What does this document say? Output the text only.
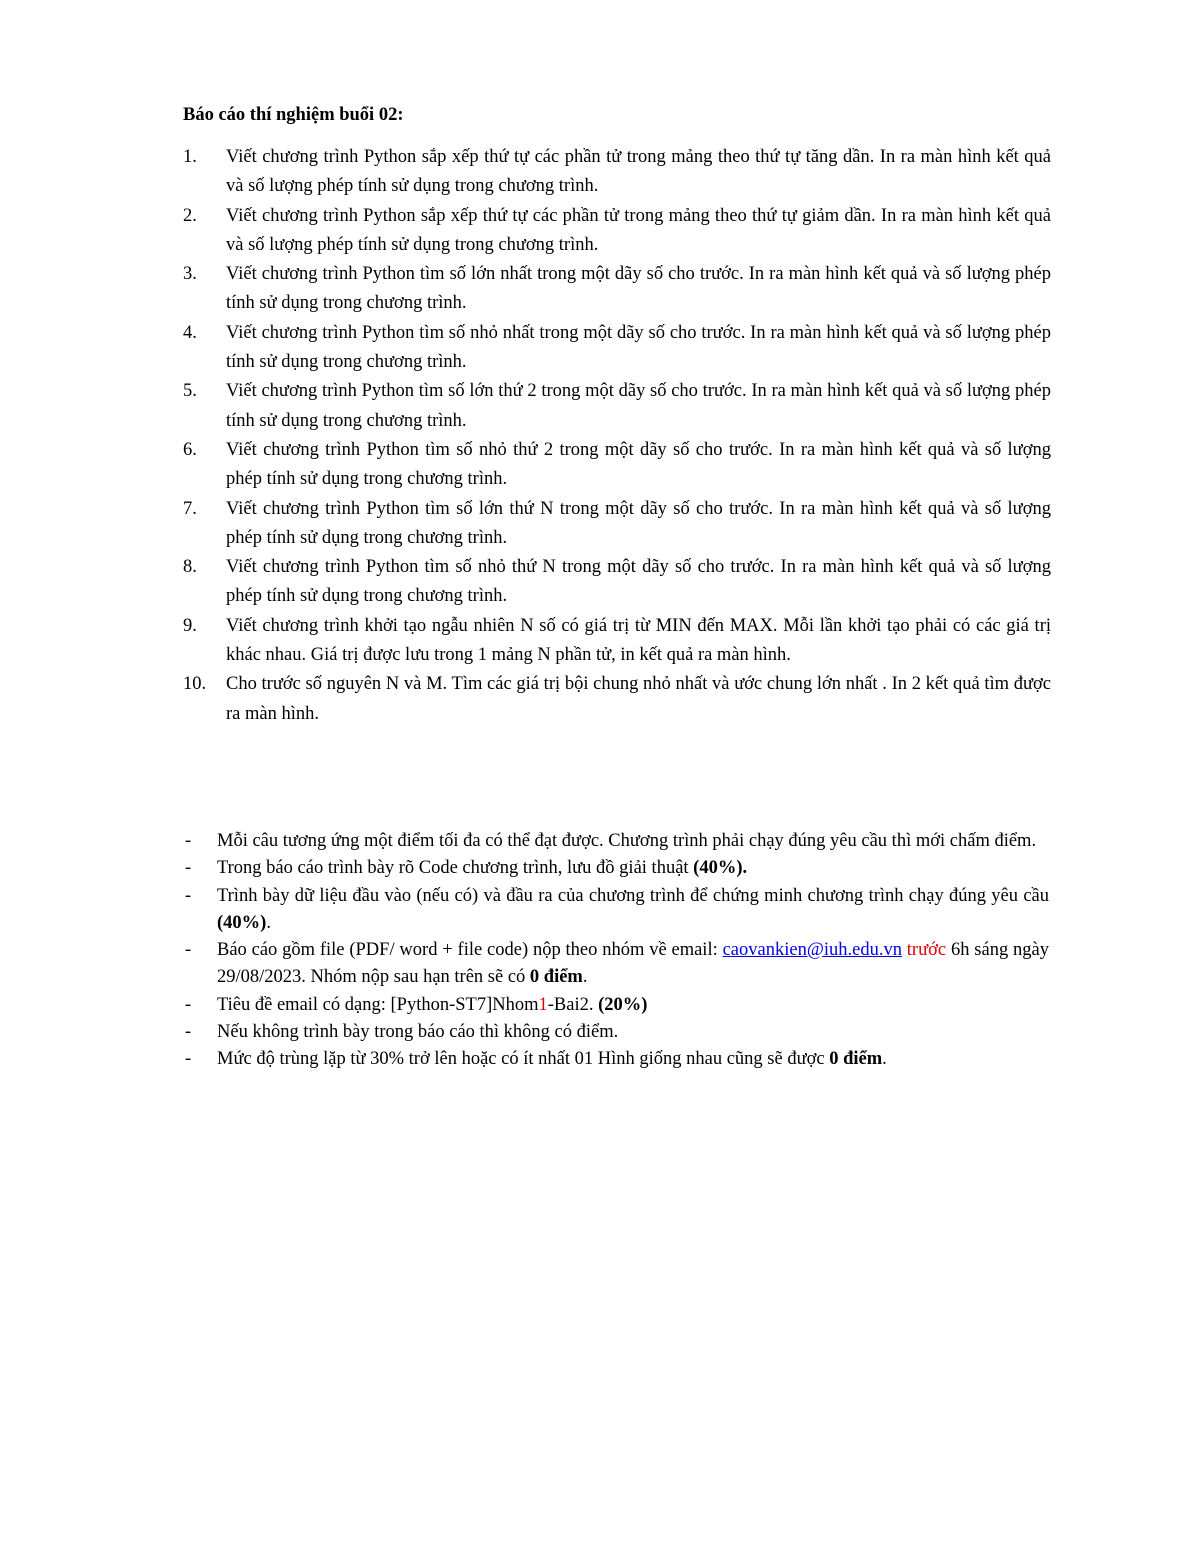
Báo cáo thí nghiệm buổi 02:
1. Viết chương trình Python sắp xếp thứ tự các phần tử trong mảng theo thứ tự tăng dần. In ra màn hình kết quả và số lượng phép tính sử dụng trong chương trình.
2. Viết chương trình Python sắp xếp thứ tự các phần tử trong mảng theo thứ tự giảm dần. In ra màn hình kết quả và số lượng phép tính sử dụng trong chương trình.
3. Viết chương trình Python tìm số lớn nhất trong một dãy số cho trước. In ra màn hình kết quả và số lượng phép tính sử dụng trong chương trình.
4. Viết chương trình Python tìm số nhỏ nhất trong một dãy số cho trước. In ra màn hình kết quả và số lượng phép tính sử dụng trong chương trình.
5. Viết chương trình Python tìm số lớn thứ 2 trong một dãy số cho trước. In ra màn hình kết quả và số lượng phép tính sử dụng trong chương trình.
6. Viết chương trình Python tìm số nhỏ thứ 2 trong một dãy số cho trước. In ra màn hình kết quả và số lượng phép tính sử dụng trong chương trình.
7. Viết chương trình Python tìm số lớn thứ N trong một dãy số cho trước. In ra màn hình kết quả và số lượng phép tính sử dụng trong chương trình.
8. Viết chương trình Python tìm số nhỏ thứ N trong một dãy số cho trước. In ra màn hình kết quả và số lượng phép tính sử dụng trong chương trình.
9. Viết chương trình khởi tạo ngẫu nhiên N số có giá trị từ MIN đến MAX. Mỗi lần khởi tạo phải có các giá trị khác nhau. Giá trị được lưu trong 1 mảng N phần tử, in kết quả ra màn hình.
10. Cho trước số nguyên N và M. Tìm các giá trị bội chung nhỏ nhất và ước chung lớn nhất . In 2 kết quả tìm được ra màn hình.
- Mỗi câu tương ứng một điểm tối đa có thể đạt được. Chương trình phải chạy đúng yêu cầu thì mới chấm điểm.
- Trong báo cáo trình bày rõ Code chương trình, lưu đồ giải thuật (40%).
- Trình bày dữ liệu đầu vào (nếu có) và đầu ra của chương trình để chứng minh chương trình chạy đúng yêu cầu (40%).
- Báo cáo gồm file (PDF/ word + file code) nộp theo nhóm về email: caovankien@iuh.edu.vn trước 6h sáng ngày 29/08/2023. Nhóm nộp sau hạn trên sẽ có 0 điểm.
- Tiêu đề email có dạng: [Python-ST7]Nhom1-Bai2. (20%)
- Nếu không trình bày trong báo cáo thì không có điểm.
- Mức độ trùng lặp từ 30% trở lên hoặc có ít nhất 01 Hình giống nhau cũng sẽ được 0 điểm.
